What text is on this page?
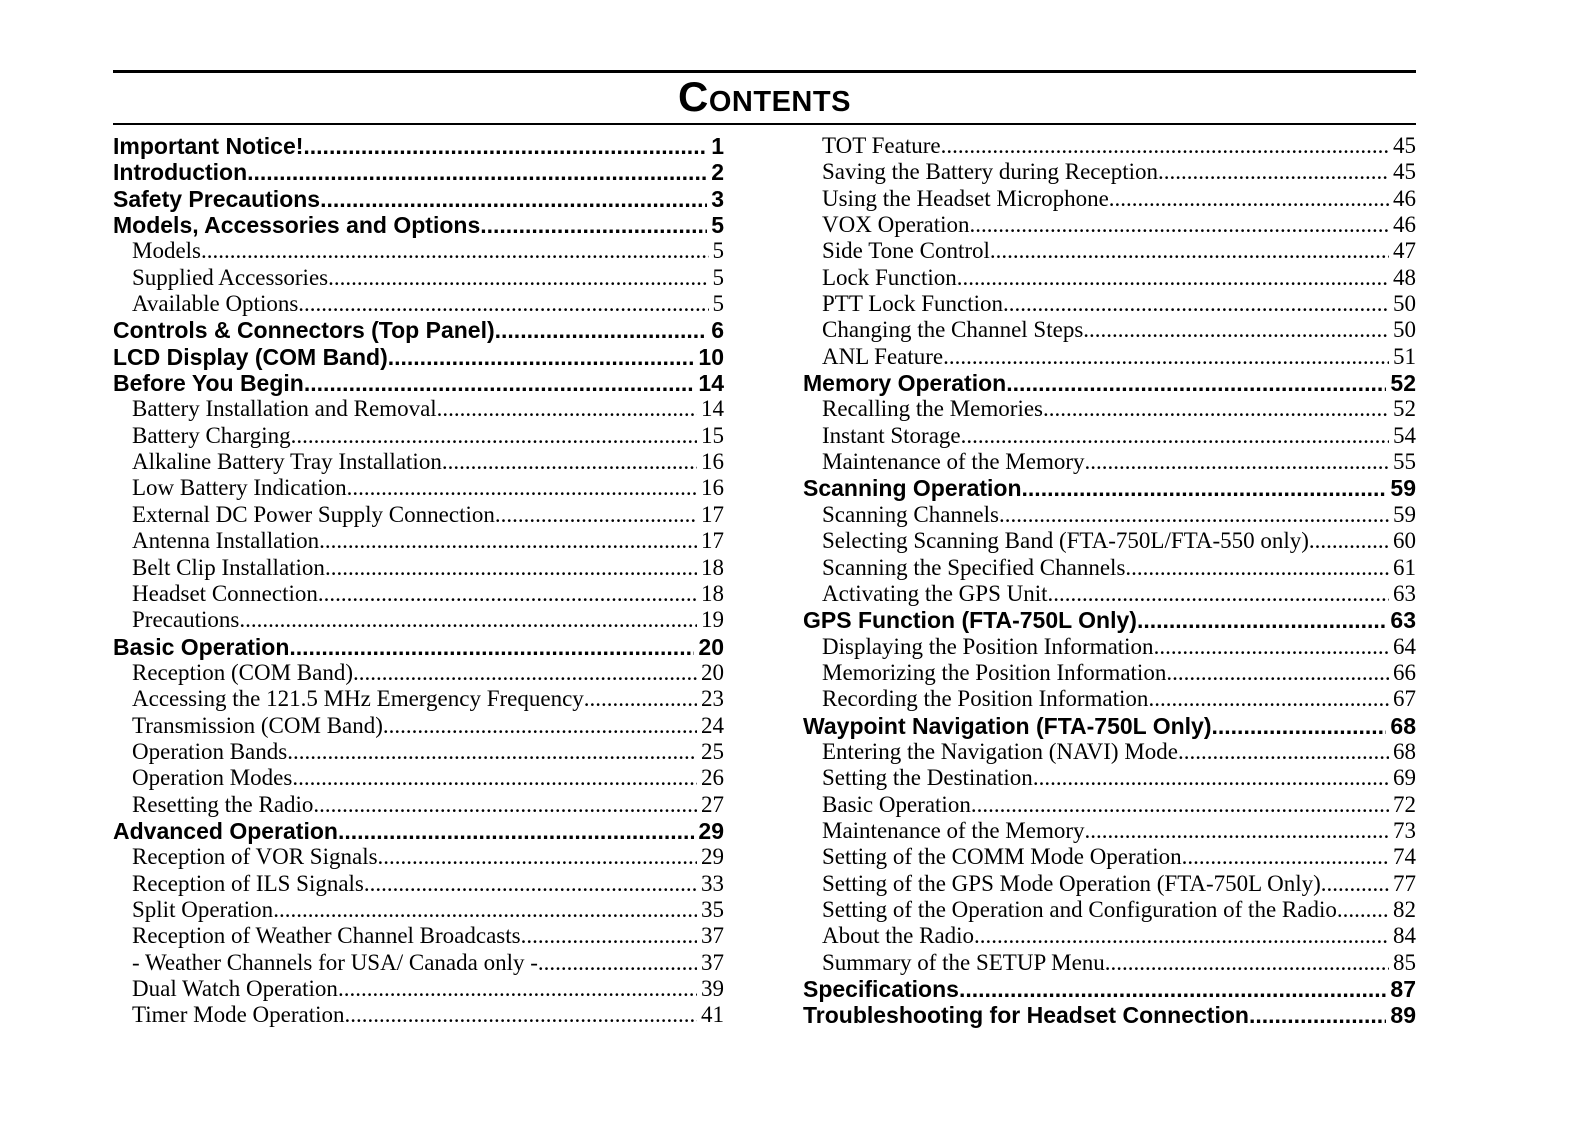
Contents
Important Notice! .....	1
Introduction .....	2
Safety Precautions .....	3
Models, Accessories and Options .....	5
Models .....	5
Supplied Accessories .....	5
Available Options .....	5
Controls & Connectors (Top Panel) .....	6
LCD Display (COM Band) .....	10
Before You Begin .....	14
Battery Installation and Removal .....	14
Battery Charging .....	15
Alkaline Battery Tray Installation .....	16
Low Battery Indication .....	16
External DC Power Supply Connection .....	17
Antenna Installation .....	17
Belt Clip Installation .....	18
Headset Connection .....	18
Precautions .....	19
Basic Operation .....	20
Reception (COM Band) .....	20
Accessing the 121.5 MHz Emergency Frequency .....	23
Transmission (COM Band) .....	24
Operation Bands .....	25
Operation Modes .....	26
Resetting the Radio .....	27
Advanced Operation .....	29
Reception of VOR Signals .....	29
Reception of ILS Signals .....	33
Split Operation .....	35
Reception of Weather Channel Broadcasts .....	37
- Weather Channels for USA/ Canada only - .....	37
Dual Watch Operation .....	39
Timer Mode Operation .....	41
TOT Feature .....	45
Saving the Battery during Reception .....	45
Using the Headset Microphone .....	46
VOX Operation .....	46
Side Tone Control .....	47
Lock Function .....	48
PTT Lock Function .....	50
Changing the Channel Steps .....	50
ANL Feature .....	51
Memory Operation .....	52
Recalling the Memories .....	52
Instant Storage .....	54
Maintenance of the Memory .....	55
Scanning Operation .....	59
Scanning Channels .....	59
Selecting Scanning Band (FTA-750L/FTA-550 only) .....	60
Scanning the Specified Channels .....	61
Activating the GPS Unit .....	63
GPS Function (FTA-750L Only) .....	63
Displaying the Position Information .....	64
Memorizing the Position Information .....	66
Recording the Position Information .....	67
Waypoint Navigation (FTA-750L Only) .....	68
Entering the Navigation (NAVI) Mode .....	68
Setting the Destination .....	69
Basic Operation .....	72
Maintenance of the Memory .....	73
Setting of the COMM Mode Operation .....	74
Setting of the GPS Mode Operation (FTA-750L Only) .....	77
Setting of the Operation and Configuration of the Radio ..... 82
About the Radio .....	84
Summary of the SETUP Menu .....	85
Specifications .....	87
Troubleshooting for Headset Connection .....	89
